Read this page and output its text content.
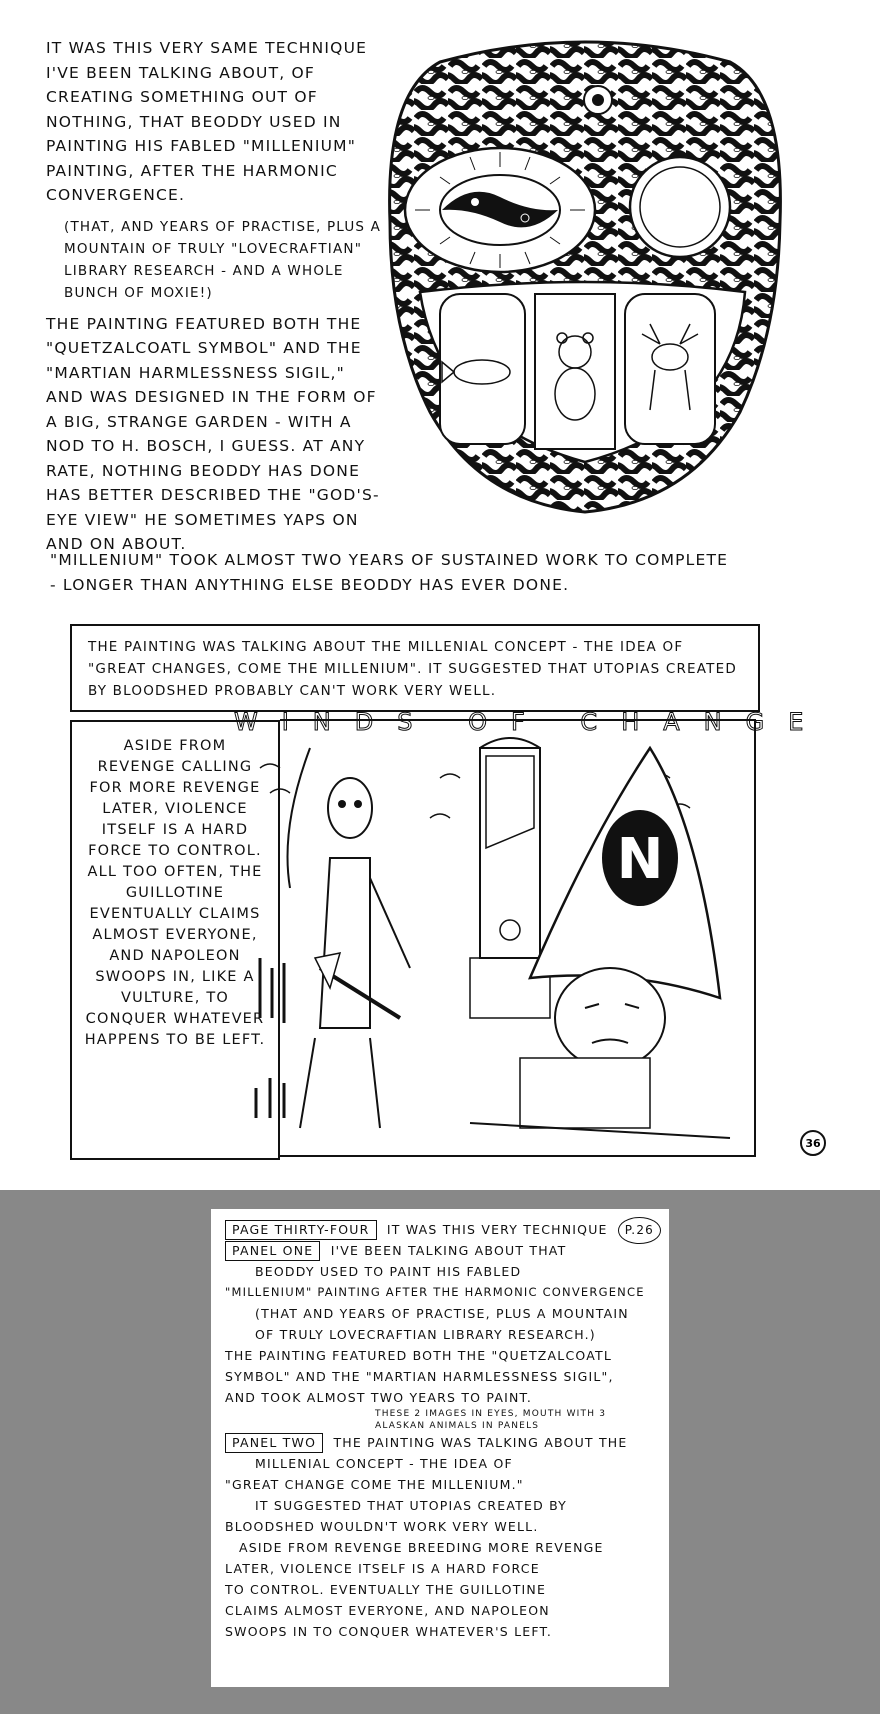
IT WAS THIS VERY SAME TECHNIQUE I'VE BEEN TALKING ABOUT, OF CREATING SOMETHING OUT OF NOTHING, THAT BEODDY USED IN PAINTING HIS FABLED "MILLENIUM" PAINTING, AFTER THE HARMONIC CONVERGENCE.

(THAT, AND YEARS OF PRACTISE, PLUS A MOUNTAIN OF TRULY "LOVECRAFTIAN" LIBRARY RESEARCH - AND A WHOLE BUNCH OF MOXIE!)

THE PAINTING FEATURED BOTH THE "QUETZALCOATL SYMBOL" AND THE "MARTIAN HARMLESSNESS SIGIL," AND WAS DESIGNED IN THE FORM OF A BIG, STRANGE GARDEN - WITH A NOD TO H. BOSCH, I GUESS. AT ANY RATE, NOTHING BEODDY HAS DONE HAS BETTER DESCRIBED THE "GOD'S-EYE VIEW" HE SOMETIMES YAPS ON AND ON ABOUT.

"MILLENIUM" TOOK ALMOST TWO YEARS OF SUSTAINED WORK TO COMPLETE - LONGER THAN ANYTHING ELSE BEODDY HAS EVER DONE.

THE PAINTING WAS TALKING ABOUT THE MILLENIAL CONCEPT - THE IDEA OF "GREAT CHANGES, COME THE MILLENIUM". IT SUGGESTED THAT UTOPIAS CREATED BY BLOODSHED PROBABLY CAN'T WORK VERY WELL.
WINDS OF CHANGE
N
ASIDE FROM REVENGE CALLING FOR MORE REVENGE LATER, VIOLENCE ITSELF IS A HARD FORCE TO CONTROL. ALL TOO OFTEN, THE GUILLOTINE EVENTUALLY CLAIMS ALMOST EVERYONE, AND NAPOLEON SWOOPS IN, LIKE A VULTURE, TO CONQUER WHATEVER HAPPENS TO BE LEFT.
36
P.26

PAGE THIRTY-FOUR IT WAS THIS VERY TECHNIQUE

PANEL ONE I'VE BEEN TALKING ABOUT THAT

BEODDY USED TO PAINT HIS FABLED

"MILLENIUM" PAINTING AFTER THE HARMONIC CONVERGENCE

(THAT AND YEARS OF PRACTISE, PLUS A MOUNTAIN

OF TRULY LOVECRAFTIAN LIBRARY RESEARCH.)

THE PAINTING FEATURED BOTH THE "QUETZALCOATL

SYMBOL" AND THE "MARTIAN HARMLESSNESS SIGIL",

AND TOOK ALMOST TWO YEARS TO PAINT.

THESE 2 IMAGES IN EYES, MOUTH WITH 3 ALASKAN ANIMALS IN PANELS

PANEL TWO THE PAINTING WAS TALKING ABOUT THE

MILLENIAL CONCEPT - THE IDEA OF

"GREAT CHANGE COME THE MILLENIUM."

IT SUGGESTED THAT UTOPIAS CREATED BY

BLOODSHED WOULDN'T WORK VERY WELL.

ASIDE FROM REVENGE BREEDING MORE REVENGE

LATER, VIOLENCE ITSELF IS A HARD FORCE

TO CONTROL. EVENTUALLY THE GUILLOTINE

CLAIMS ALMOST EVERYONE, AND NAPOLEON

SWOOPS IN TO CONQUER WHATEVER'S LEFT.
